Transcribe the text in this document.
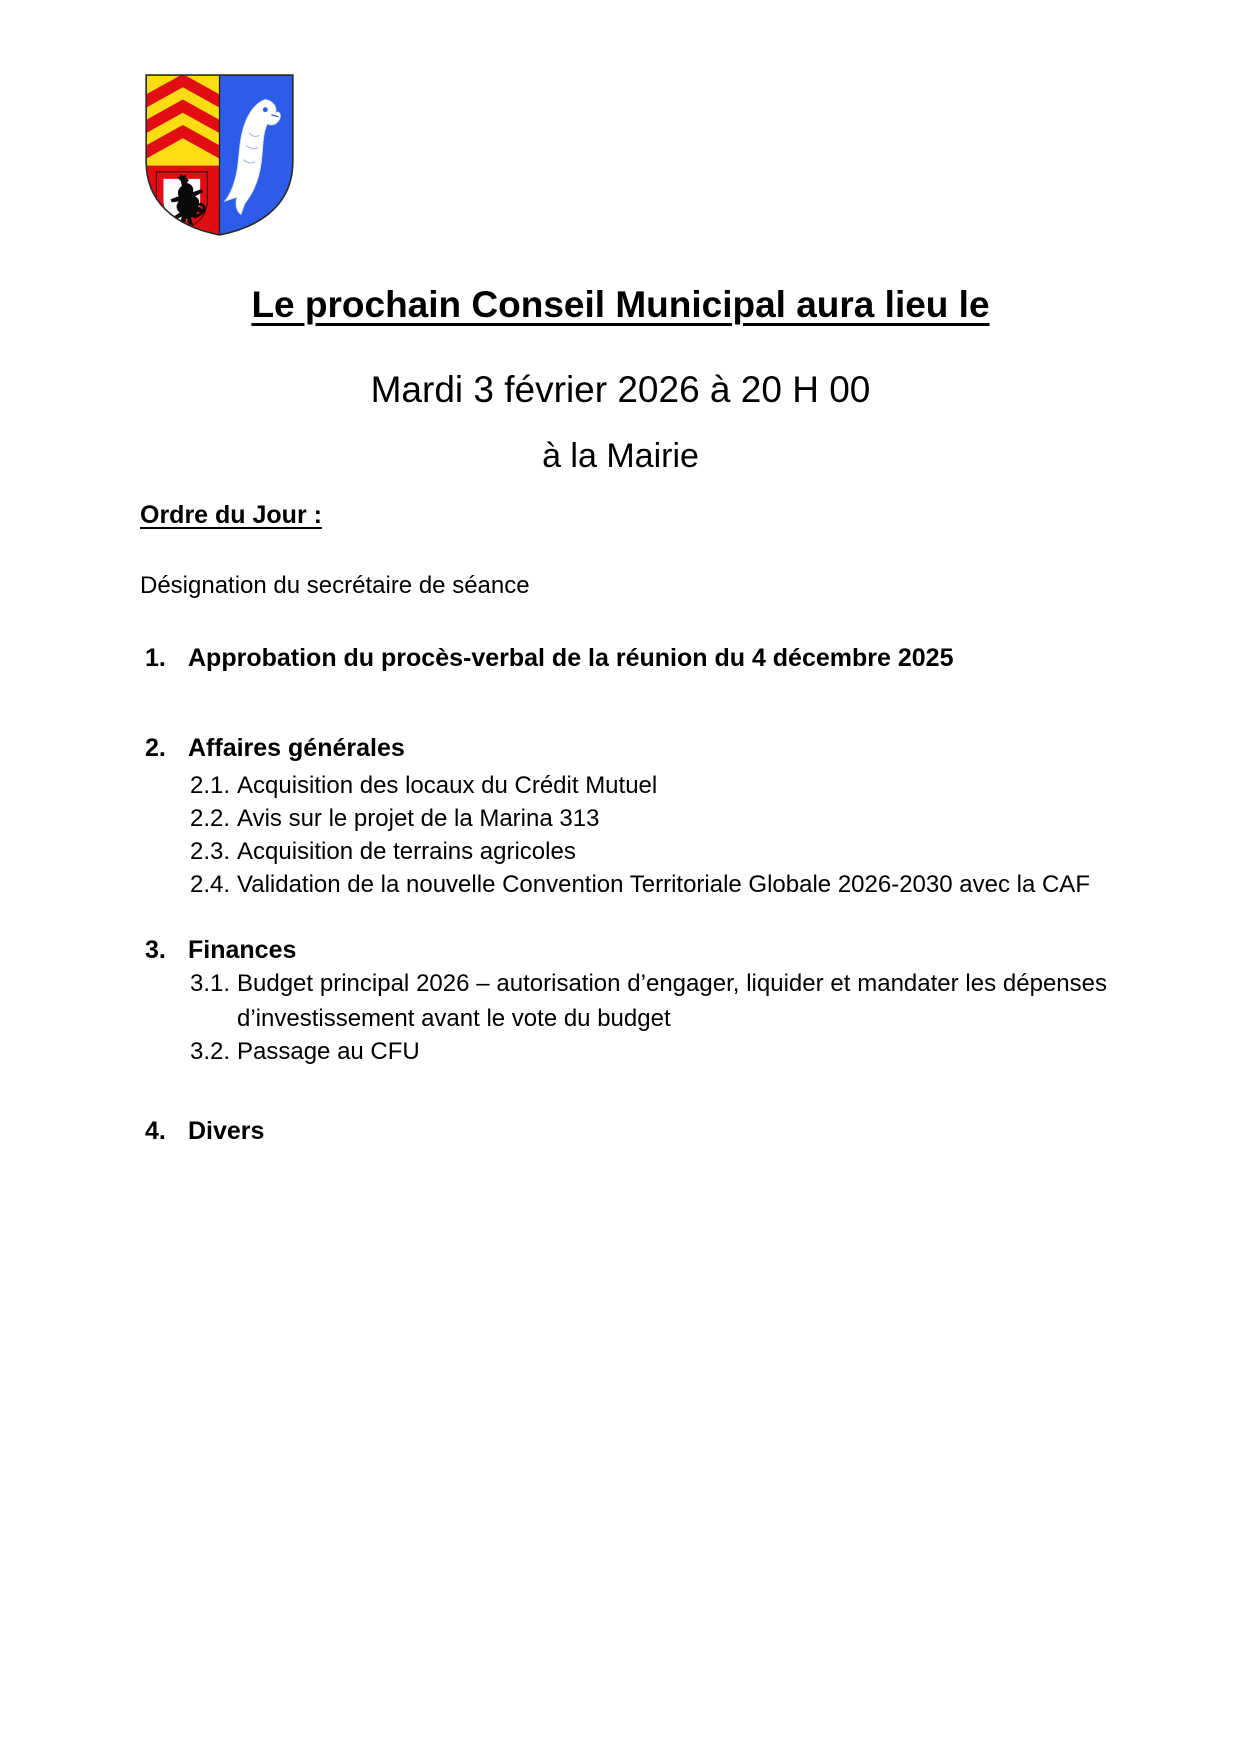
Le prochain Conseil Municipal aura lieu le
Mardi 3 février 2026 à 20 H 00
à la Mairie
Ordre du Jour :
Désignation du secrétaire de séance
1. Approbation du procès-verbal de la réunion du 4 décembre 2025
2. Affaires générales
2.1. Acquisition des locaux du Crédit Mutuel
2.2. Avis sur le projet de la Marina 313
2.3. Acquisition de terrains agricoles
2.4. Validation de la nouvelle Convention Territoriale Globale 2026-2030 avec la CAF
3. Finances
3.1. Budget principal 2026 – autorisation d’engager, liquider et mandater les dépenses d’investissement avant le vote du budget
3.2. Passage au CFU
4. Divers
